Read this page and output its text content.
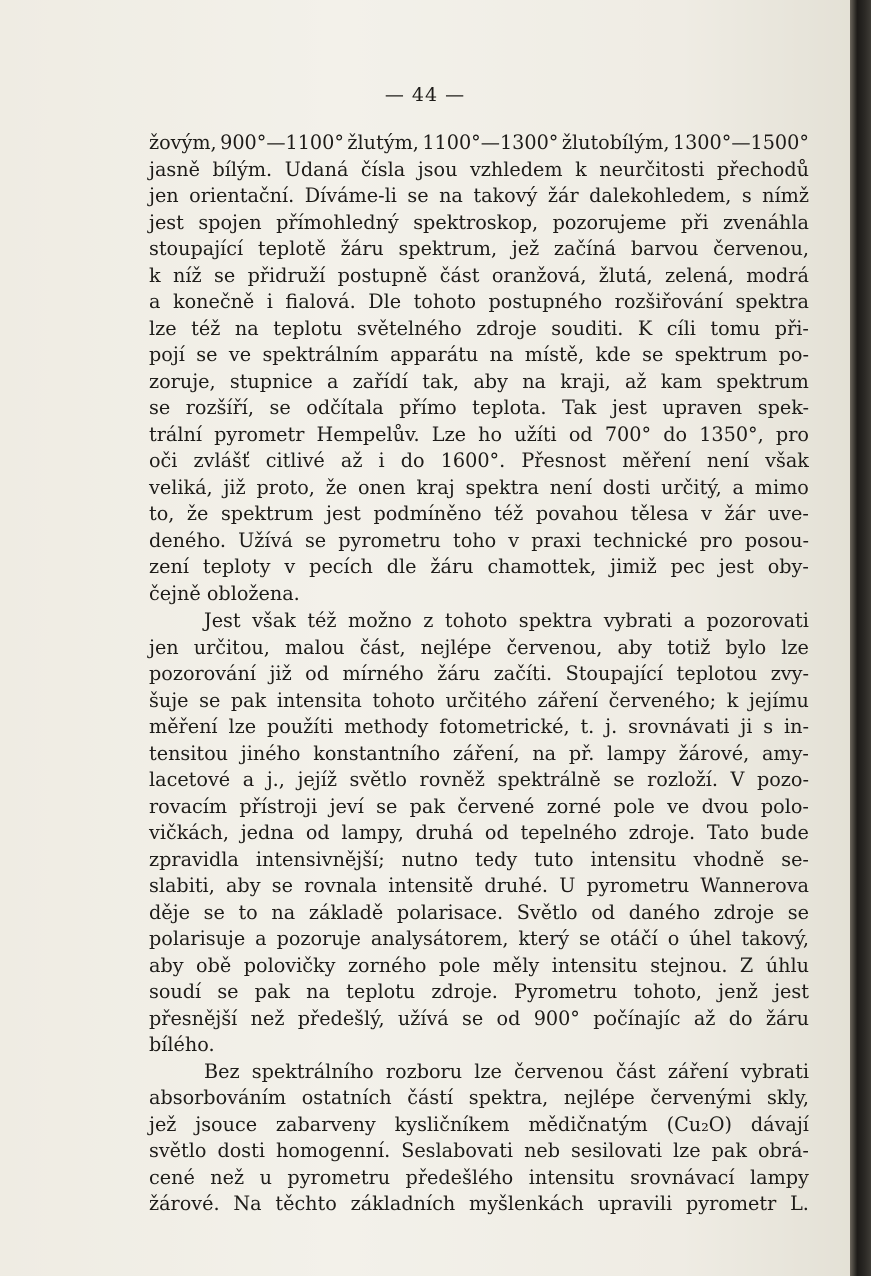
— 44 —
žovým, 900°—1100° žlutým, 1100°—1300° žlutobílým, 1300°—1500°
jasně bílým. Udaná čísla jsou vzhledem k neurčitosti přechodů
jen orientační. Díváme-li se na takový žár dalekohledem, s nímž
jest spojen přímohledný spektroskop, pozorujeme při zvenáhla
stoupající teplotě žáru spektrum, jež začíná barvou červenou,
k níž se přidruží postupně část oranžová, žlutá, zelená, modrá
a konečně i fialová. Dle tohoto postupného rozšiřování spektra
lze též na teplotu světelného zdroje souditi. K cíli tomu při-
pojí se ve spektrálním apparátu na místě, kde se spektrum po-
zoruje, stupnice a zařídí tak, aby na kraji, až kam spektrum
se rozšíří, se odčítala přímo teplota. Tak jest upraven spek-
trální pyrometr Hempelův. Lze ho užíti od 700° do 1350°, pro
oči zvlášť citlivé až i do 1600°. Přesnost měření není však
veliká, již proto, že onen kraj spektra není dosti určitý, a mimo
to, že spektrum jest podmíněno též povahou tělesa v žár uve-
deného. Užívá se pyrometru toho v praxi technické pro posou-
zení teploty v pecích dle žáru chamottek, jimiž pec jest oby-
čejně obložena.
Jest však též možno z tohoto spektra vybrati a pozorovati
jen určitou, malou část, nejlépe červenou, aby totiž bylo lze
pozorování již od mírného žáru začíti. Stoupající teplotou zvy-
šuje se pak intensita tohoto určitého záření červeného; k jejímu
měření lze použíti methody fotometrické, t. j. srovnávati ji s in-
tensitou jiného konstantního záření, na př. lampy žárové, amy-
lacetové a j., jejíž světlo rovněž spektrálně se rozloží. V pozo-
rovacím přístroji jeví se pak červené zorné pole ve dvou polo-
vičkách, jedna od lampy, druhá od tepelného zdroje. Tato bude
zpravidla intensivnější; nutno tedy tuto intensitu vhodně se-
slabiti, aby se rovnala intensitě druhé. U pyrometru Wannerova
děje se to na základě polarisace. Světlo od daného zdroje se
polarisuje a pozoruje analysátorem, který se otáčí o úhel takový,
aby obě polovičky zorného pole měly intensitu stejnou. Z úhlu
soudí se pak na teplotu zdroje. Pyrometru tohoto, jenž jest
přesnější než předešlý, užívá se od 900° počínajíc až do žáru
bílého.
Bez spektrálního rozboru lze červenou část záření vybrati
absorbováním ostatních částí spektra, nejlépe červenými skly,
jež jsouce zabarveny kysličníkem mědičnatým (Cu₂O) dávají
světlo dosti homogenní. Seslabovati neb sesilovati lze pak obrá-
cené než u pyrometru předešlého intensitu srovnávací lampy
žárové. Na těchto základních myšlenkách upravili pyrometr L.
